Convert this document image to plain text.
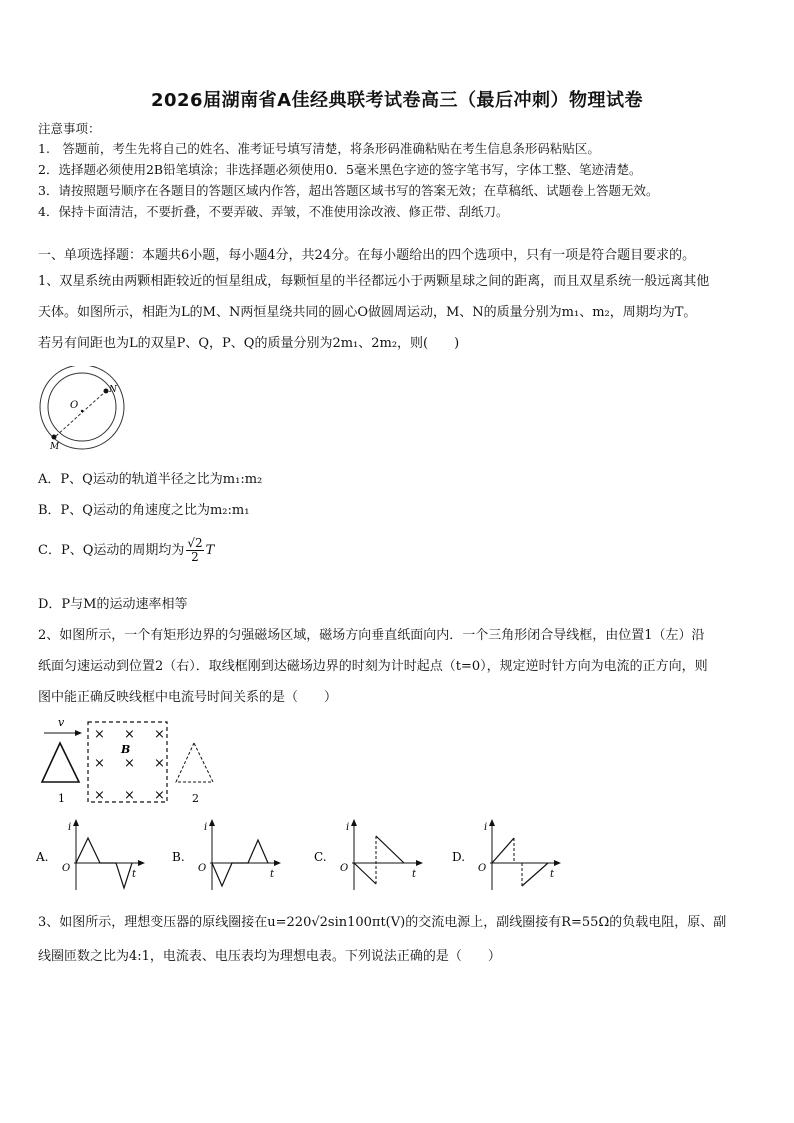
2026届湖南省A佳经典联考试卷高三（最后冲刺）物理试卷
注意事项：
1.　答题前，考生先将自己的姓名、准考证号填写清楚，将条形码准确粘贴在考生信息条形码粘贴区。
2．选择题必须使用2B铅笔填涂；非选择题必须使用0．5毫米黑色字迹的签字笔书写，字体工整、笔迹清楚。
3．请按照题号顺序在各题目的答题区域内作答，超出答题区域书写的答案无效；在草稿纸、试题卷上答题无效。
4．保持卡面清洁，不要折叠，不要弄破、弄皱，不准使用涂改液、修正带、刮纸刀。
一、单项选择题：本题共6小题，每小题4分，共24分。在每小题给出的四个选项中，只有一项是符合题目要求的。
1、双星系统由两颗相距较近的恒星组成，每颗恒星的半径都远小于两颗星球之间的距离，而且双星系统一般远离其他
天体。如图所示，相距为L的M、N两恒星绕共同的圆心O做圆周运动，M、N的质量分别为m₁、m₂，周期均为T。
若另有间距也为L的双星P、Q，P、Q的质量分别为2m₁、2m₂，则(　　)
O
N
M
A．P、Q运动的轨道半径之比为m₁:m₂
B．P、Q运动的角速度之比为m₂:m₁
C．P、Q运动的周期均为 $\frac{√2}{2}$ T
D．P与M的运动速率相等
2、如图所示，一个有矩形边界的匀强磁场区域，磁场方向垂直纸面向内．一个三角形闭合导线框，由位置1（左）沿
纸面匀速运动到位置2（右）．取线框刚到达磁场边界的时刻为计时起点（t=0），规定逆时针方向为电流的正方向，则
图中能正确反映线框中电流号时间关系的是（　　）
v
1
× × ×
× × ×
× × ×
B
2
A.
i
O
t
B.
i
O
t
C.
i
O
t
D.
i
O
t
3、如图所示，理想变压器的原线圈接在u=220√2sin100πt(V)的交流电源上，副线圈接有R=55Ω的负载电阻，原、副
线圈匝数之比为4:1，电流表、电压表均为理想电表。下列说法正确的是（　　）
